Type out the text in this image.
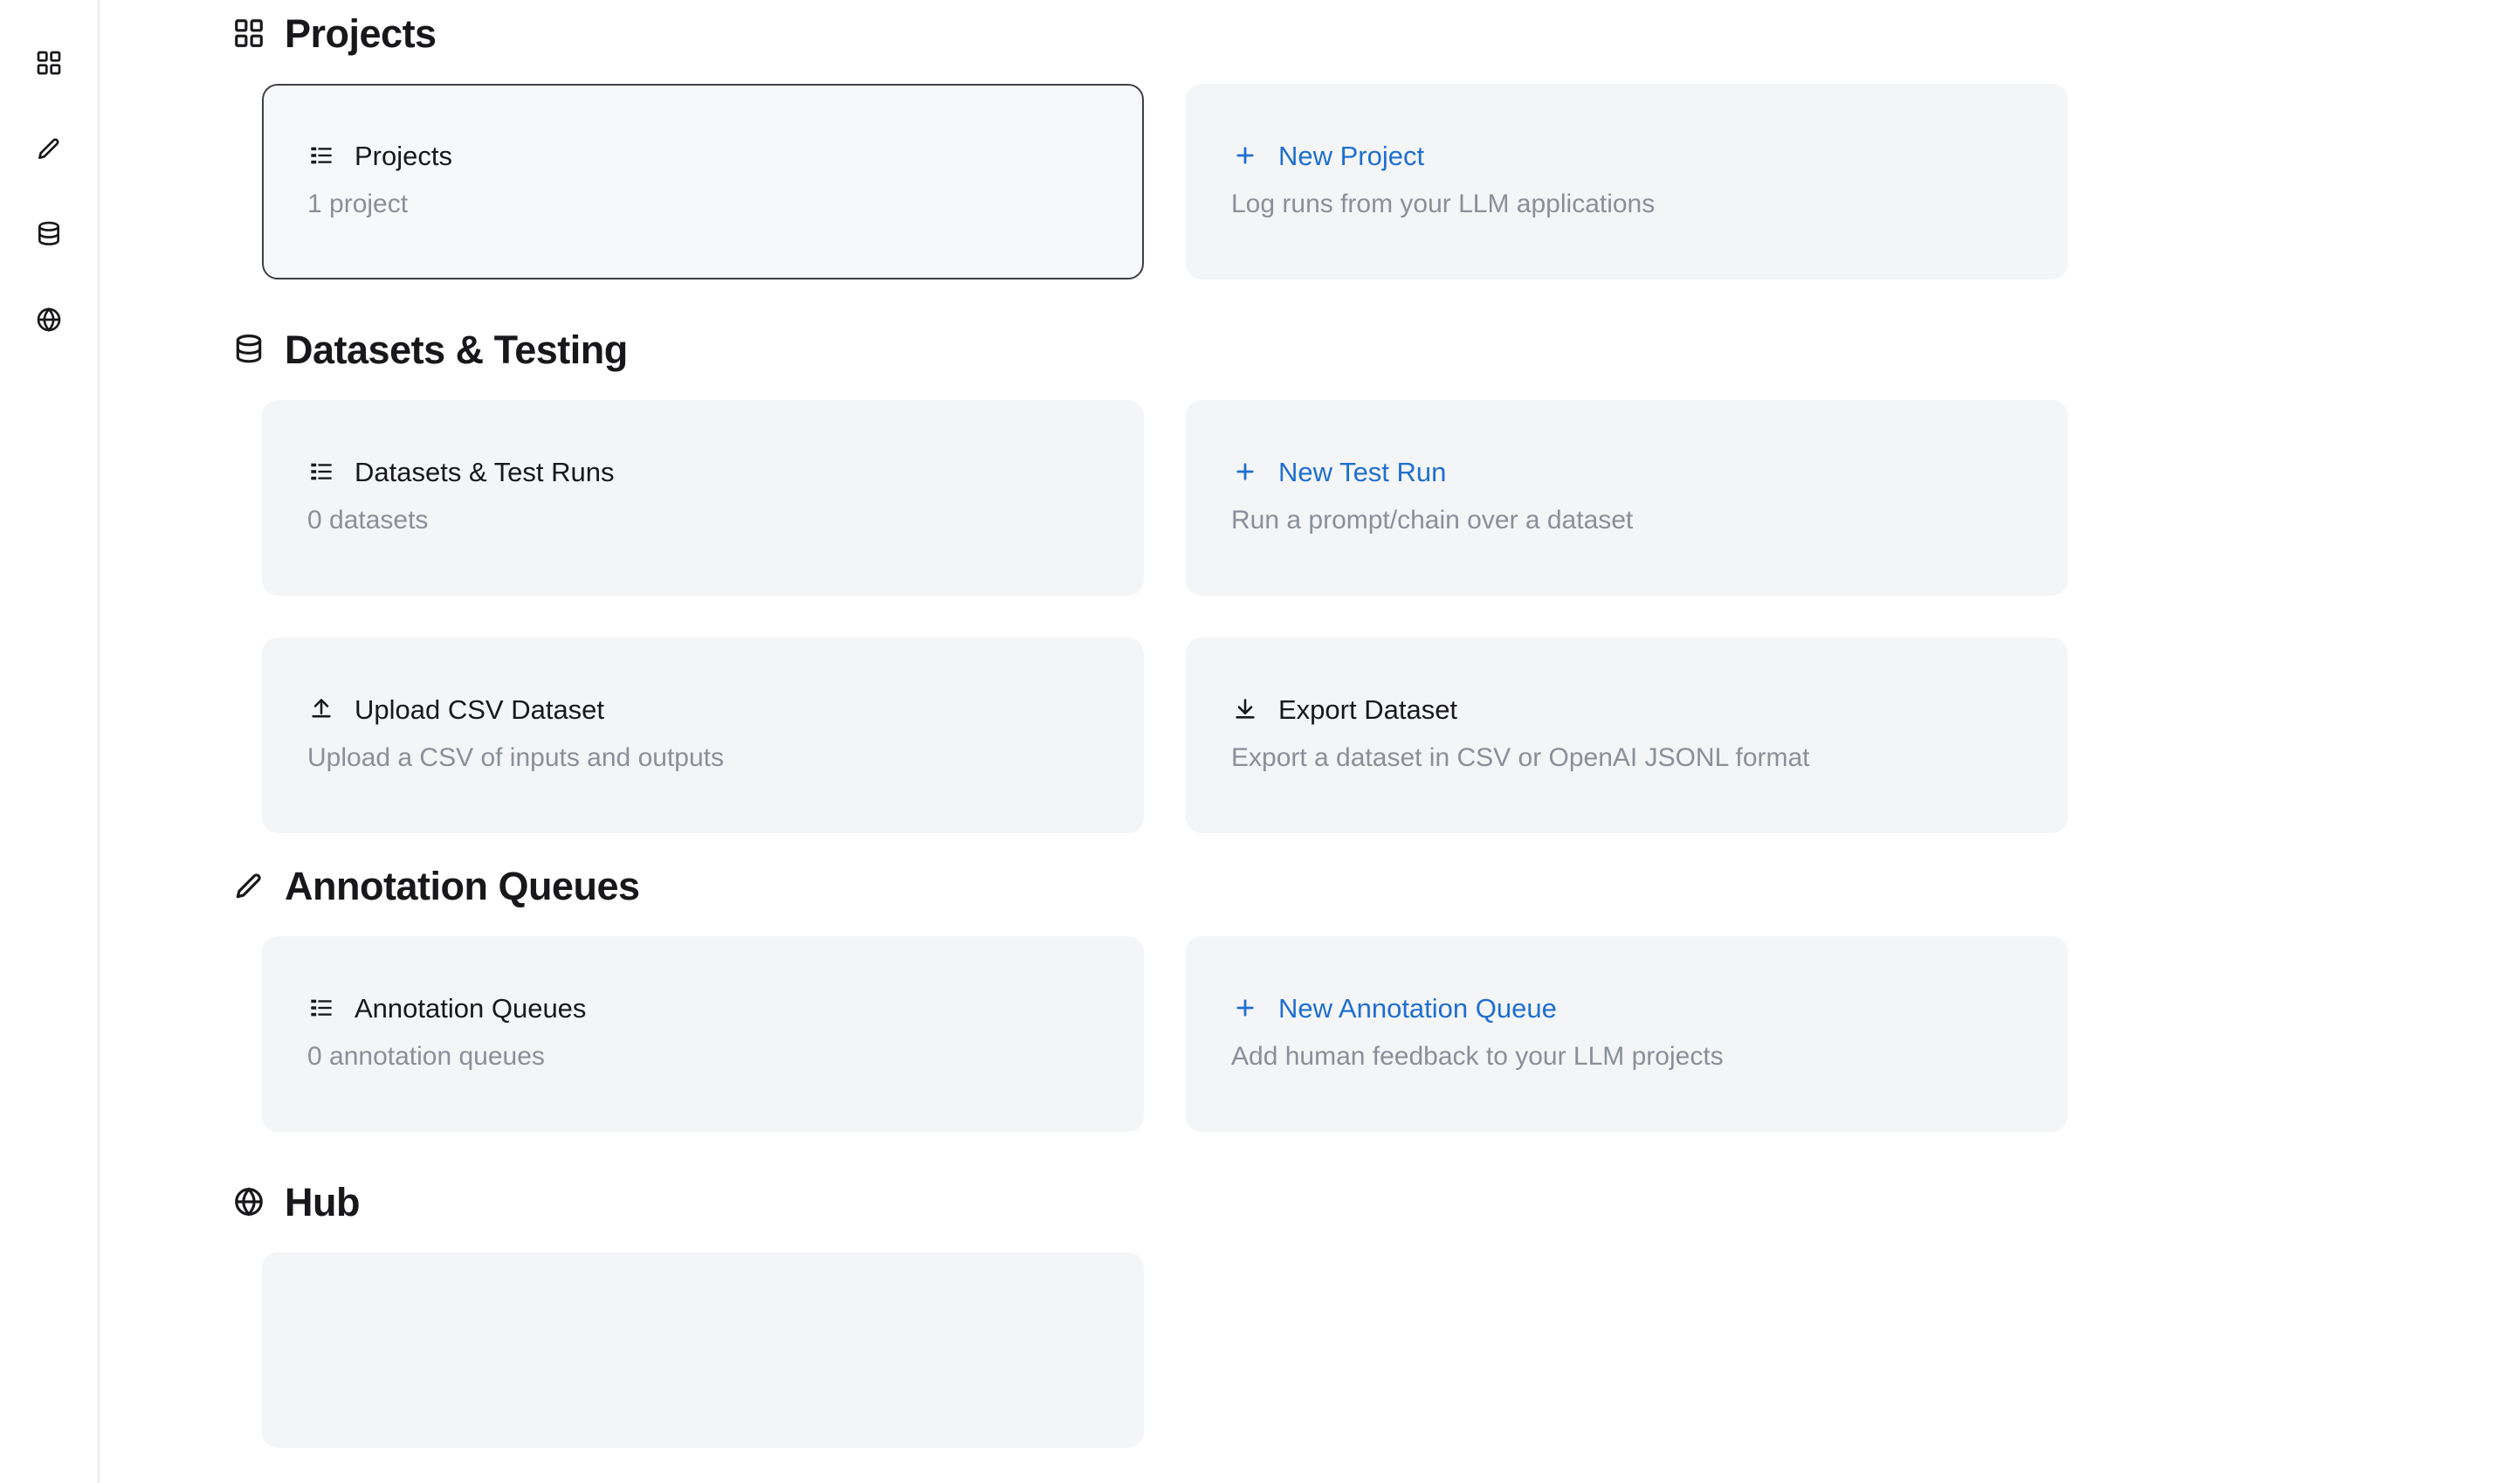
Projects
Projects
1 project
New Project
Log runs from your LLM applications
Datasets & Testing
Datasets & Test Runs
0 datasets
New Test Run
Run a prompt/chain over a dataset
Upload CSV Dataset
Upload a CSV of inputs and outputs
Export Dataset
Export a dataset in CSV or OpenAI JSONL format
Annotation Queues
Annotation Queues
0 annotation queues
New Annotation Queue
Add human feedback to your LLM projects
Hub
